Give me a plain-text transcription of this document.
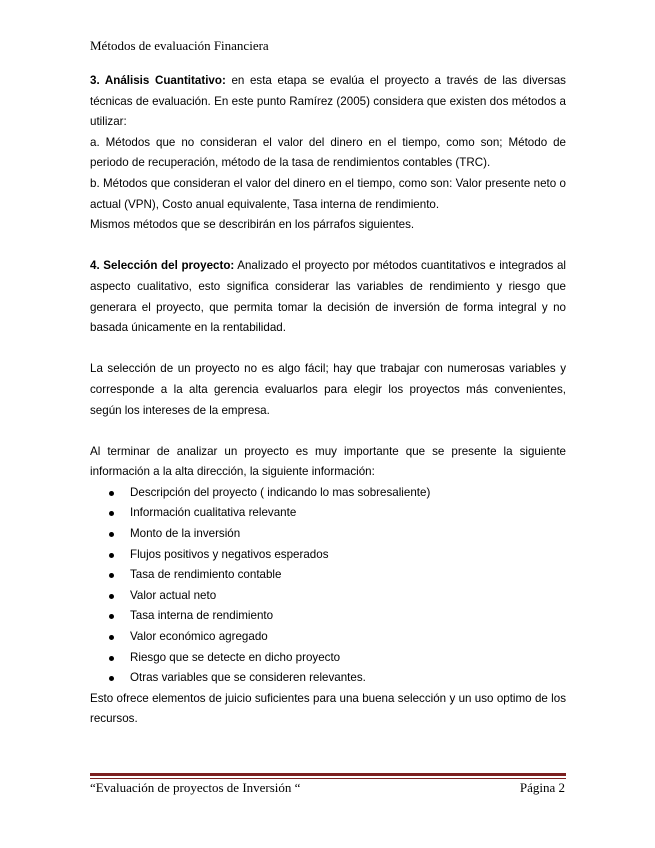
Métodos de evaluación Financiera

3. Análisis Cuantitativo: en esta etapa se evalúa el proyecto a través de las diversas técnicas de evaluación. En este punto Ramírez (2005) considera que existen dos métodos a utilizar:

a. Métodos que no consideran el valor del dinero en el tiempo, como son; Método de periodo de recuperación, método de la tasa de rendimientos contables (TRC).

b. Métodos que consideran el valor del dinero en el tiempo, como son: Valor presente neto o actual (VPN), Costo anual equivalente, Tasa interna de rendimiento.

Mismos métodos que se describirán en los párrafos siguientes.

4. Selección del proyecto: Analizado el proyecto por métodos cuantitativos e integrados al aspecto cualitativo, esto significa considerar las variables de rendimiento y riesgo que generara el proyecto, que permita tomar la decisión de inversión de forma integral y no basada únicamente en la rentabilidad.

La selección de un proyecto no es algo fácil; hay que trabajar con numerosas variables y corresponde a la alta gerencia evaluarlos para elegir los proyectos más convenientes, según los intereses de la empresa.

Al terminar de analizar un proyecto es muy importante que se presente la siguiente información a la alta dirección, la siguiente información:

Descripción del proyecto ( indicando lo mas sobresaliente)
Información cualitativa relevante
Monto de la inversión
Flujos positivos y negativos esperados
Tasa de rendimiento contable
Valor actual neto
Tasa interna de rendimiento
Valor económico agregado
Riesgo que se detecte en dicho proyecto
Otras variables que se consideren relevantes.

Esto ofrece elementos de juicio suficientes para una buena selección y un uso optimo de los recursos.

“Evaluación de proyectos de Inversión “	Página 2
